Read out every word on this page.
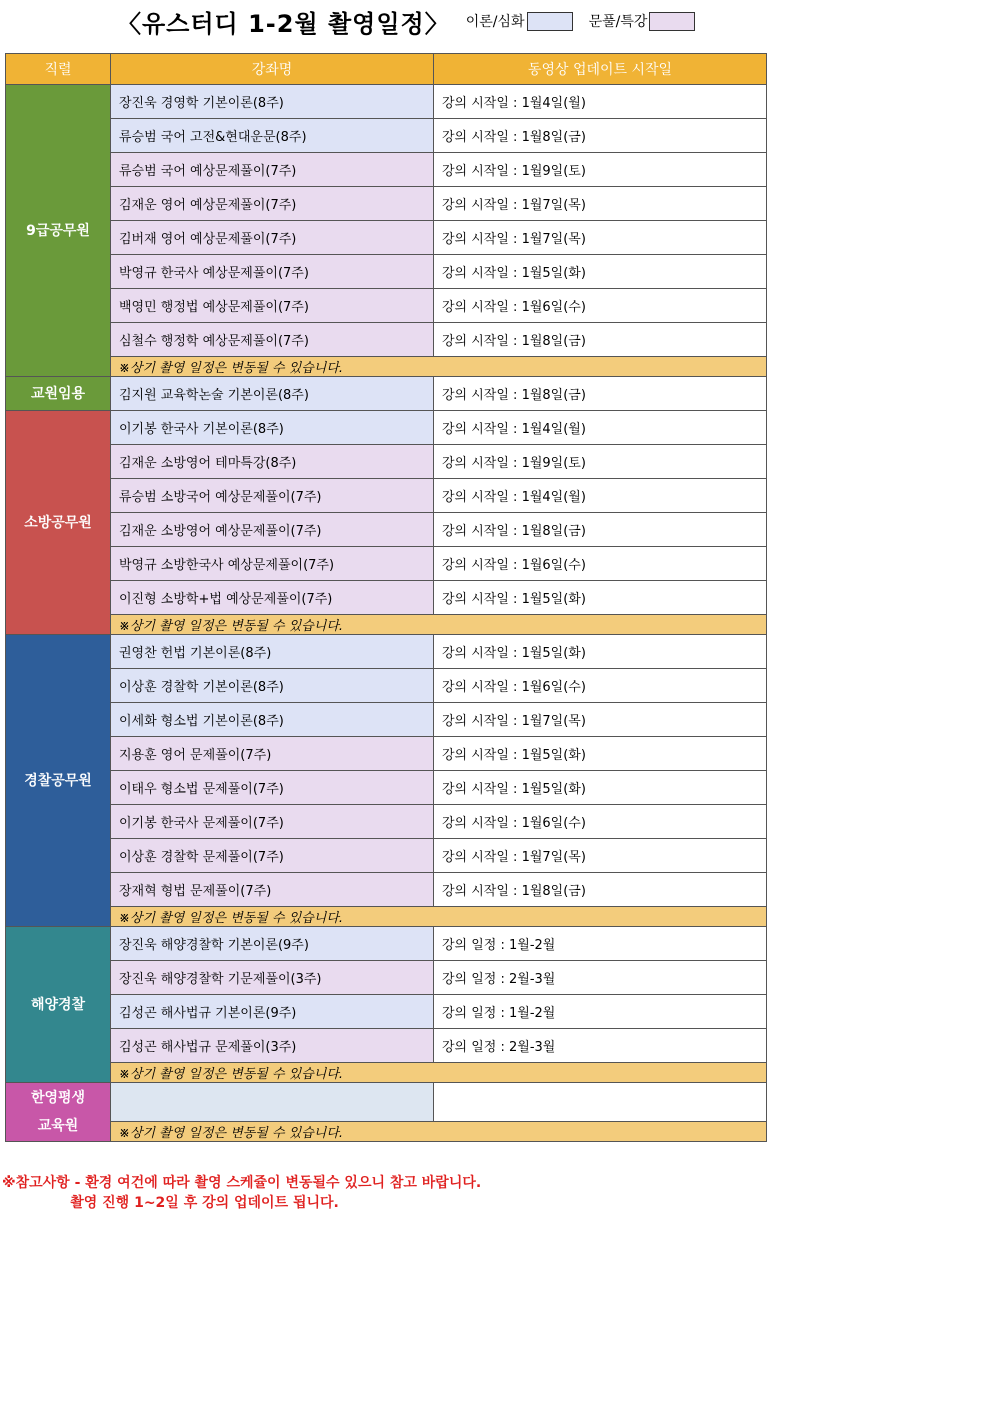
〈유스터디 1-2월 촬영일정〉 이론/심화	문풀/특강
직렬	강좌명	동영상 업데이트 시작일

9급공무원	장진욱 경영학 기본이론(8주)	강의 시작일 : 1월4일(월)
	류승범 국어 고전&현대운문(8주)	강의 시작일 : 1월8일(금)
	류승범 국어 예상문제풀이(7주)	강의 시작일 : 1월9일(토)
	김재운 영어 예상문제풀이(7주)	강의 시작일 : 1월7일(목)
	김버재 영어 예상문제풀이(7주)	강의 시작일 : 1월7일(목)
	박영규 한국사 예상문제풀이(7주)	강의 시작일 : 1월5일(화)
	백영민 행정법 예상문제풀이(7주)	강의 시작일 : 1월6일(수)
	심철수 행정학 예상문제풀이(7주)	강의 시작일 : 1월8일(금)
	※상기 촬영 일정은 변동될 수 있습니다.	

교원임용	김지원 교육학논술 기본이론(8주)	강의 시작일 : 1월8일(금)

소방공무원	이기봉 한국사 기본이론(8주)	강의 시작일 : 1월4일(월)
	김재운 소방영어 테마특강(8주)	강의 시작일 : 1월9일(토)
	류승범 소방국어 예상문제풀이(7주)	강의 시작일 : 1월4일(월)
	김재운 소방영어 예상문제풀이(7주)	강의 시작일 : 1월8일(금)
	박영규 소방한국사 예상문제풀이(7주)	강의 시작일 : 1월6일(수)
	이진형 소방학+법 예상문제풀이(7주)	강의 시작일 : 1월5일(화)
	※상기 촬영 일정은 변동될 수 있습니다.	

경찰공무원	권영찬 헌법 기본이론(8주)	강의 시작일 : 1월5일(화)
	이상훈 경찰학 기본이론(8주)	강의 시작일 : 1월6일(수)
	이세화 형소법 기본이론(8주)	강의 시작일 : 1월7일(목)
	지용훈 영어 문제풀이(7주)	강의 시작일 : 1월5일(화)
	이태우 형소법 문제풀이(7주)	강의 시작일 : 1월5일(화)
	이기봉 한국사 문제풀이(7주)	강의 시작일 : 1월6일(수)
	이상훈 경찰학 문제풀이(7주)	강의 시작일 : 1월7일(목)
	장재혁 형법 문제풀이(7주)	강의 시작일 : 1월8일(금)
	※상기 촬영 일정은 변동될 수 있습니다.	

해양경찰	장진욱 해양경찰학 기본이론(9주)	강의 일정 : 1월-2월
	장진욱 해양경찰학 기문제풀이(3주)	강의 일정 : 2월-3월
	김성곤 해사법규 기본이론(9주)	강의 일정 : 1월-2월
	김성곤 해사법규 문제풀이(3주)	강의 일정 : 2월-3월
	※상기 촬영 일정은 변동될 수 있습니다.	

한영평생
교육원		

	※상기 촬영 일정은 변동될 수 있습니다.	
※참고사항 - 환경 여건에 따라 촬영 스케쥴이 변동될수 있으니 참고 바랍니다.
촬영 진행 1~2일 후 강의 업데이트 됩니다.
